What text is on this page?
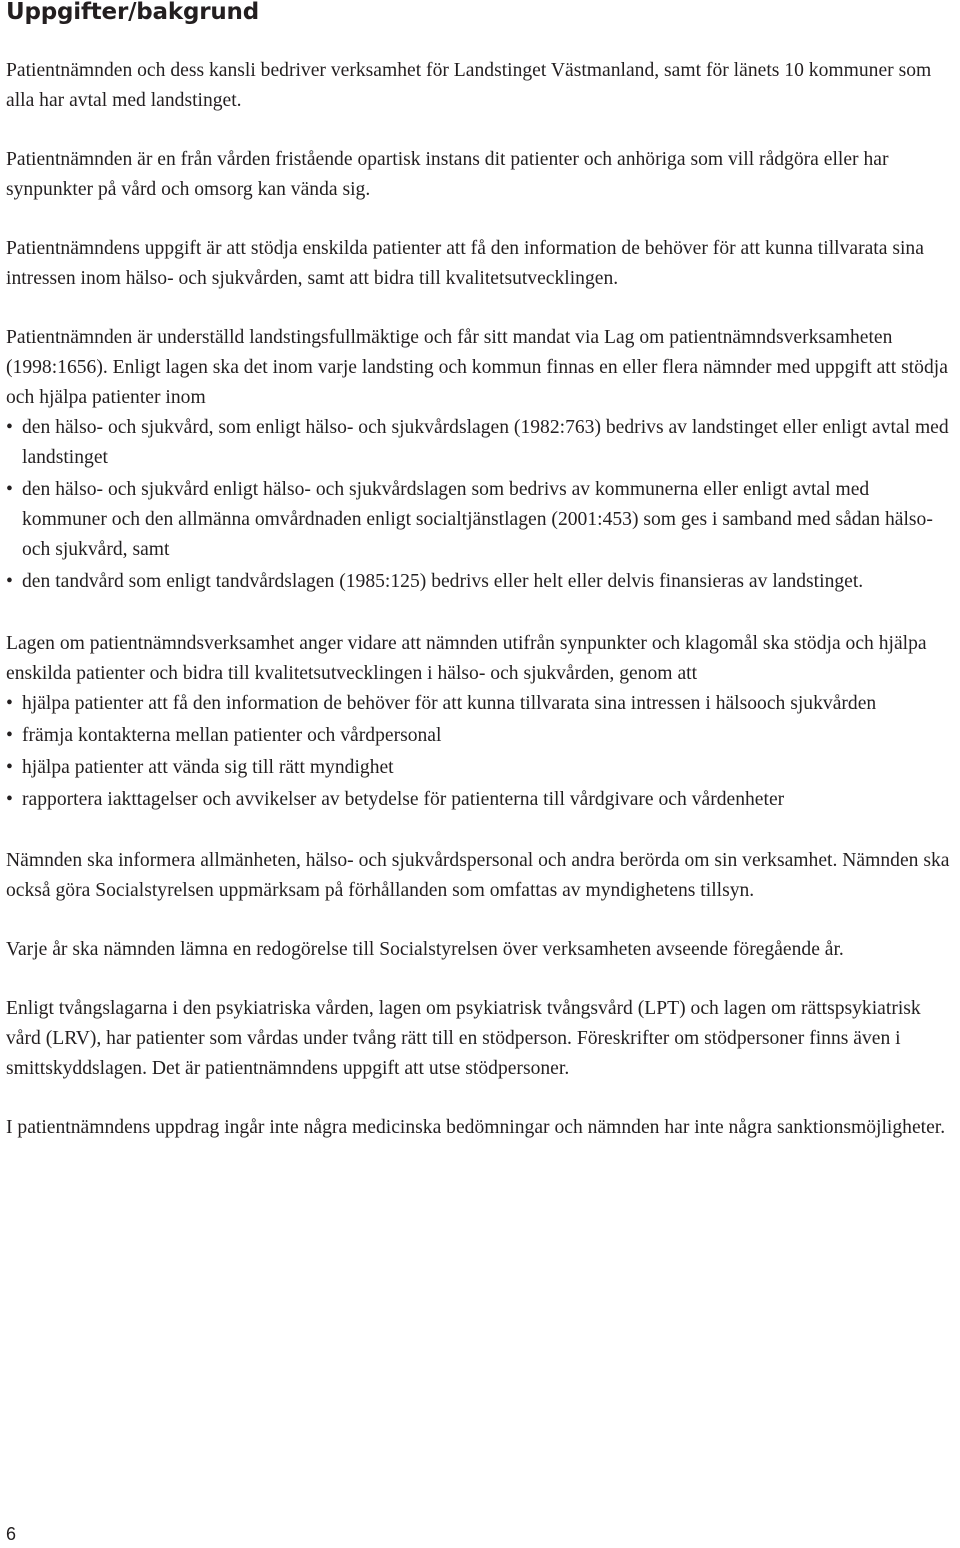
Uppgifter/bakgrund

Patientnämnden och dess kansli bedriver verksamhet för Landstinget Västmanland, samt för länets 10 kommuner som alla har avtal med landstinget.

Patientnämnden är en från vården fristående opartisk instans dit patienter och anhöriga som vill rådgöra eller har synpunkter på vård och omsorg kan vända sig.

Patientnämndens uppgift är att stödja enskilda patienter att få den information de behöver för att kunna tillvarata sina intressen inom hälso- och sjukvården, samt att bidra till kvalitetsutvecklingen.

Patientnämnden är underställd landstingsfullmäktige och får sitt mandat via Lag om patientnämndsverksamheten (1998:1656). Enligt lagen ska det inom varje landsting och kommun finnas en eller flera nämnder med uppgift att stödja och hjälpa patienter inom

• den hälso- och sjukvård, som enligt hälso- och sjukvårdslagen (1982:763) bedrivs av landstinget eller enligt avtal med landstinget
• den hälso- och sjukvård enligt hälso- och sjukvårdslagen som bedrivs av kommunerna eller enligt avtal med kommuner och den allmänna omvårdnaden enligt socialtjänstlagen (2001:453) som ges i samband med sådan hälso- och sjukvård, samt
• den tandvård som enligt tandvårdslagen (1985:125) bedrivs eller helt eller delvis finansieras av landstinget.

Lagen om patientnämndsverksamhet anger vidare att nämnden utifrån synpunkter och klagomål ska stödja och hjälpa enskilda patienter och bidra till kvalitetsutvecklingen i hälso- och sjukvården, genom att

• hjälpa patienter att få den information de behöver för att kunna tillvarata sina intressen i hälsooch sjukvården
• främja kontakterna mellan patienter och vårdpersonal
• hjälpa patienter att vända sig till rätt myndighet
• rapportera iakttagelser och avvikelser av betydelse för patienterna till vårdgivare och vårdenheter

Nämnden ska informera allmänheten, hälso- och sjukvårdspersonal och andra berörda om sin verksamhet. Nämnden ska också göra Socialstyrelsen uppmärksam på förhållanden som omfattas av myndighetens tillsyn.

Varje år ska nämnden lämna en redogörelse till Socialstyrelsen över verksamheten avseende föregående år.

Enligt tvångslagarna i den psykiatriska vården, lagen om psykiatrisk tvångsvård (LPT) och lagen om rättspsykiatrisk vård (LRV), har patienter som vårdas under tvång rätt till en stödperson. Föreskrifter om stödpersoner finns även i smittskyddslagen. Det är patientnämndens uppgift att utse stödpersoner.

I patientnämndens uppdrag ingår inte några medicinska bedömningar och nämnden har inte några sanktionsmöjligheter.

6
